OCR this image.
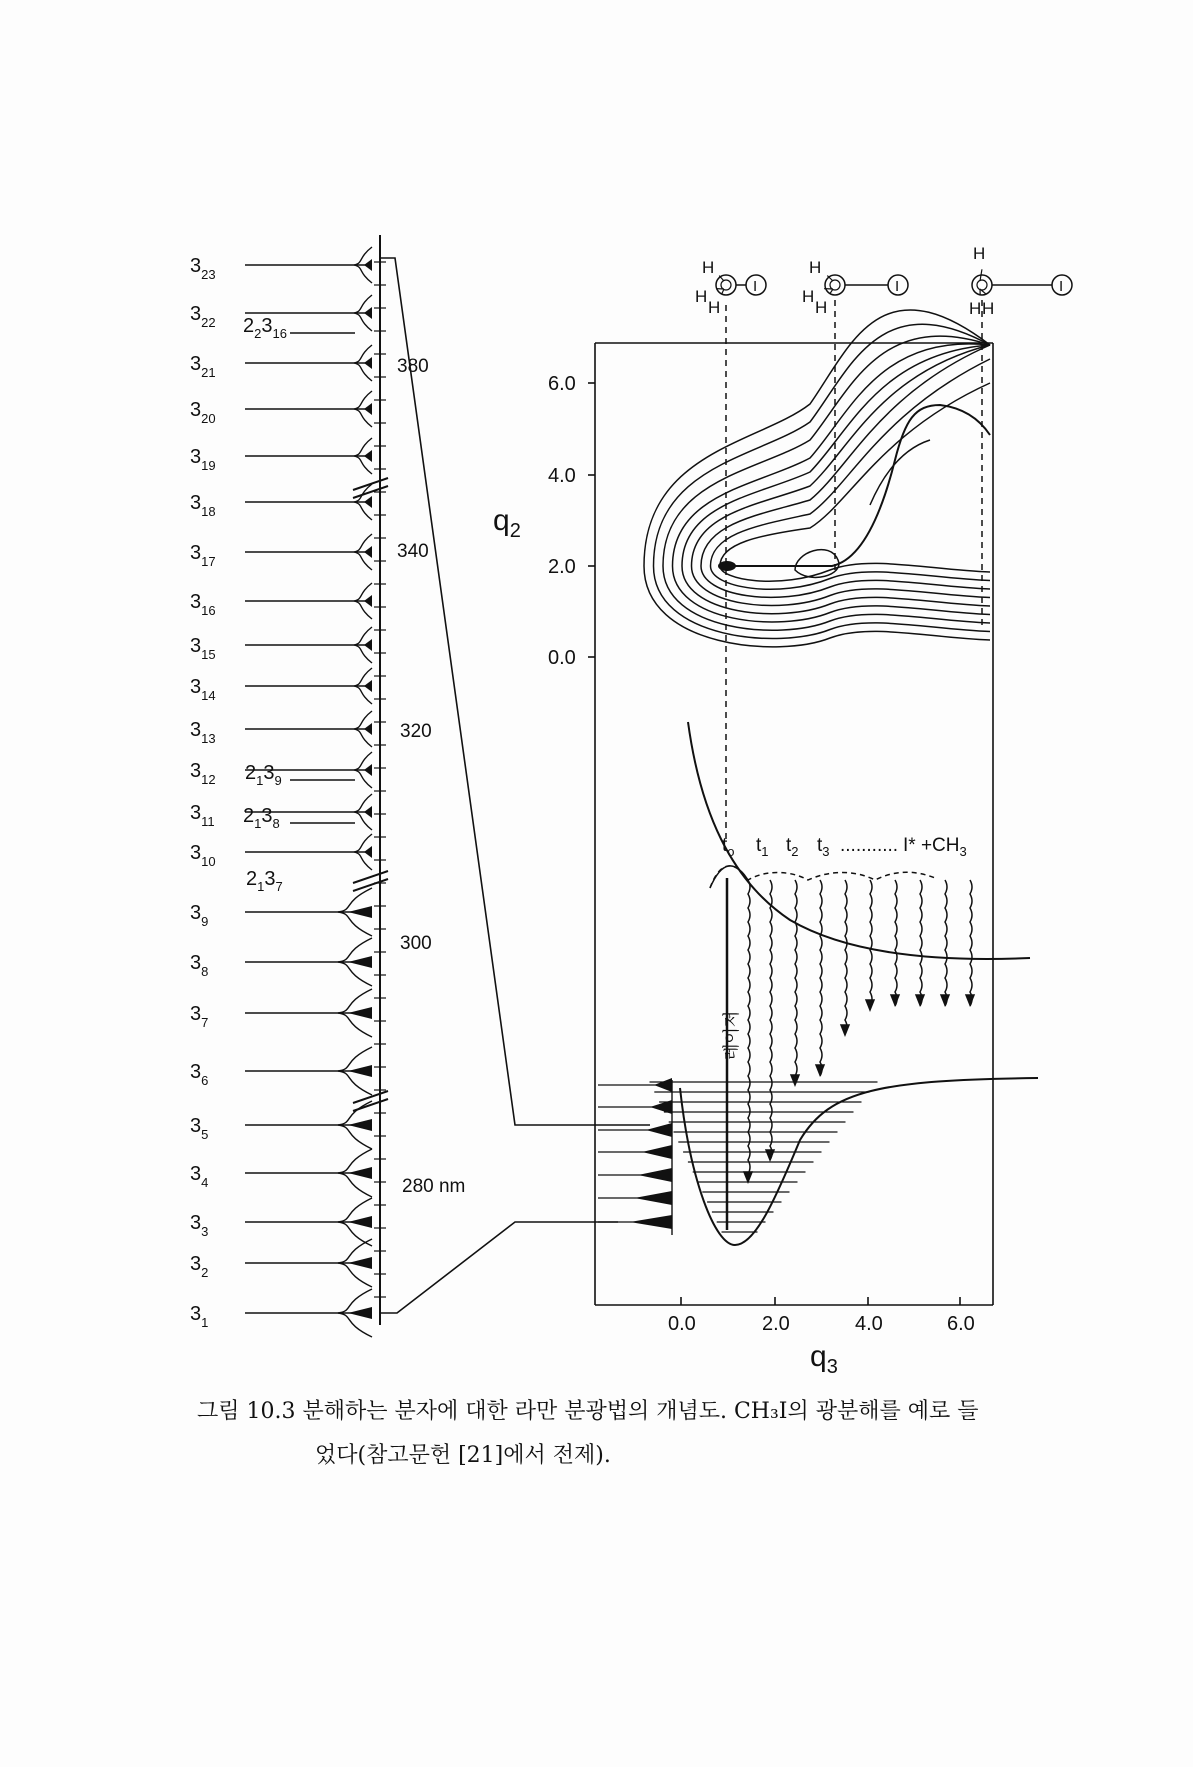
$3_1$
$3_2$
$3_3$
$3_4$
$3_5$
$3_6$
$3_7$
$3_8$
$3_9$
$3_{10}$
$3_{11}$
$3_{12}$
$3_{13}$
$3_{14}$
$3_{15}$
$3_{16}$
$3_{17}$
$3_{18}$
$3_{19}$
$3_{20}$
$3_{21}$
$3_{22}$
$3_{23}$
$2_23_{16}$
$2_13_9$
$2_13_8$
$2_13_7$
380
340
320
300
280 nm
6.0
4.0
2.0
0.0
0.0	2.0	4.0	6.0
$q_2$
$q_3$
레이저
$t_o$ $t_1$ $t_2$ $t_3$ ........... $I* +CH_3$
I
H
H
H
I
H
H
H
I
H
H H
그림 10.3 분해하는 분자에 대한 라만 분광법의 개념도. CH₃I의 광분해를 예로 들
었다(참고문헌 [21]에서 전제).
